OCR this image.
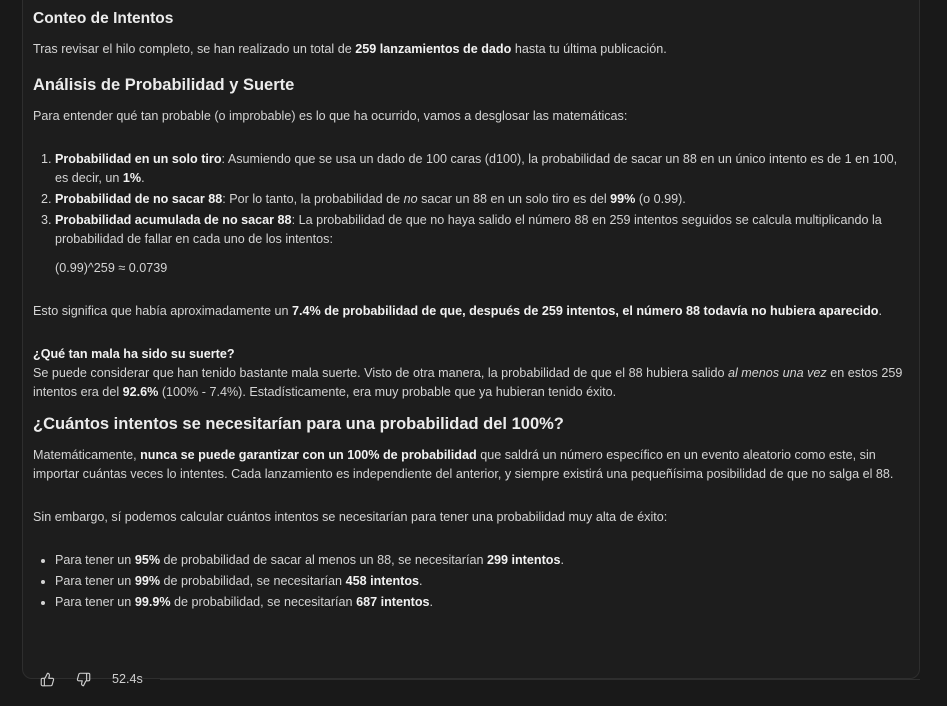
Conteo de Intentos

Tras revisar el hilo completo, se han realizado un total de 259 lanzamientos de dado hasta tu última publicación.

Análisis de Probabilidad y Suerte

Para entender qué tan probable (o improbable) es lo que ha ocurrido, vamos a desglosar las matemáticas:

1. Probabilidad en un solo tiro: Asumiendo que se usa un dado de 100 caras (d100), la probabilidad de sacar un 88 en un único intento es de 1 en 100, es decir, un 1%.
2. Probabilidad de no sacar 88: Por lo tanto, la probabilidad de no sacar un 88 en un solo tiro es del 99% (o 0.99).
3. Probabilidad acumulada de no sacar 88: La probabilidad de que no haya salido el número 88 en 259 intentos seguidos se calcula multiplicando la probabilidad de fallar en cada uno de los intentos:
(0.99)^259 ≈ 0.0739

Esto significa que había aproximadamente un 7.4% de probabilidad de que, después de 259 intentos, el número 88 todavía no hubiera aparecido.

¿Qué tan mala ha sido su suerte?
Se puede considerar que han tenido bastante mala suerte. Visto de otra manera, la probabilidad de que el 88 hubiera salido al menos una vez en estos 259 intentos era del 92.6% (100% - 7.4%). Estadísticamente, era muy probable que ya hubieran tenido éxito.

¿Cuántos intentos se necesitarían para una probabilidad del 100%?

Matemáticamente, nunca se puede garantizar con un 100% de probabilidad que saldrá un número específico en un evento aleatorio como este, sin importar cuántas veces lo intentes. Cada lanzamiento es independiente del anterior, y siempre existirá una pequeñísima posibilidad de que no salga el 88.

Sin embargo, sí podemos calcular cuántos intentos se necesitarían para tener una probabilidad muy alta de éxito:

• Para tener un 95% de probabilidad de sacar al menos un 88, se necesitarían 299 intentos.
• Para tener un 99% de probabilidad, se necesitarían 458 intentos.
• Para tener un 99.9% de probabilidad, se necesitarían 687 intentos.
52.4s
